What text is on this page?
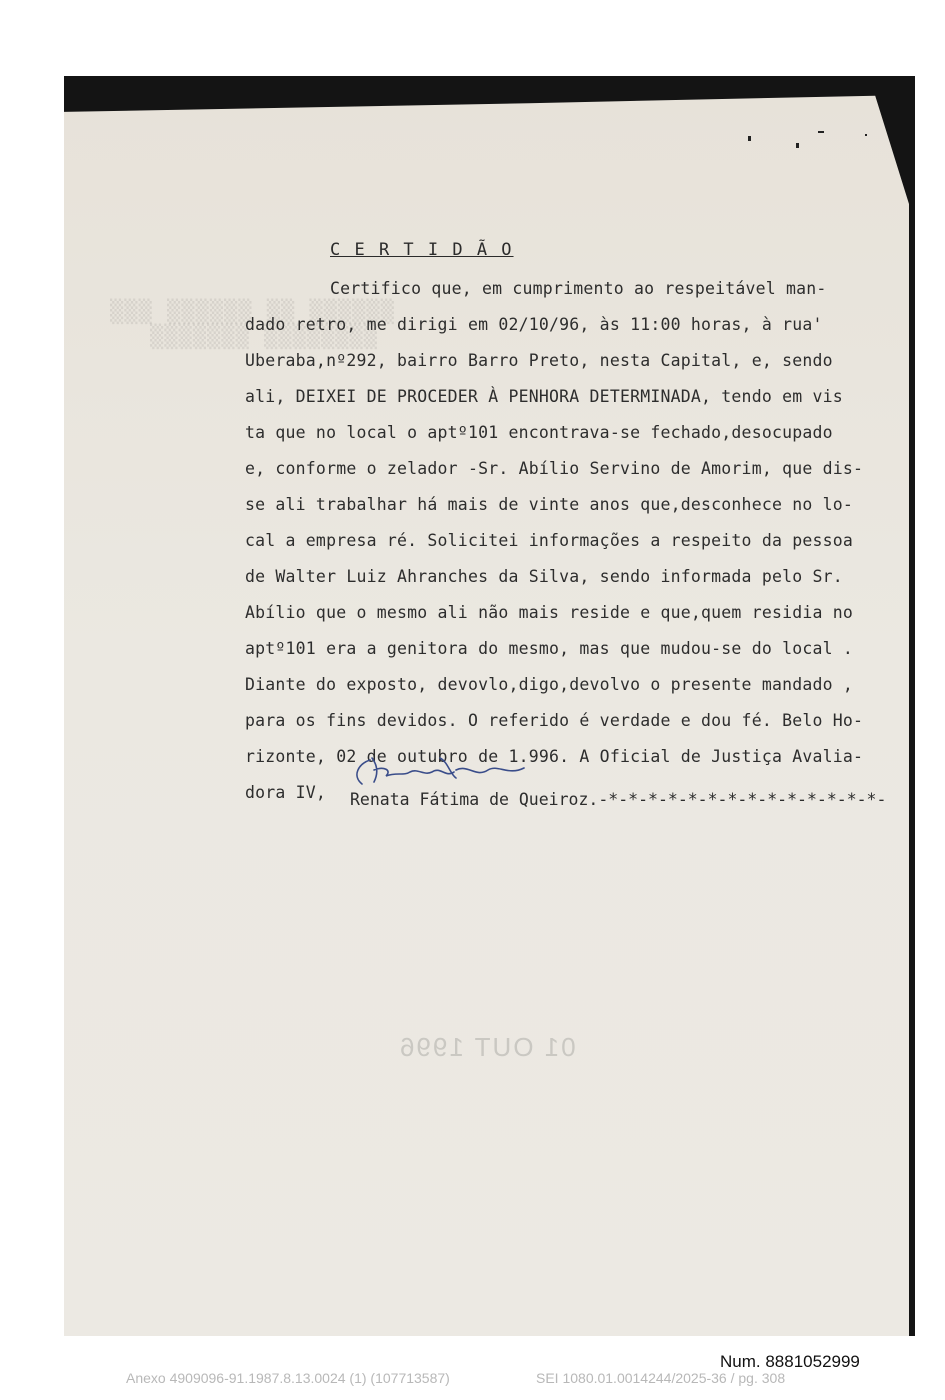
▒▒▒ ▒▒▒▒▒▒ ▒▒ ▒▒▒▒▒▒
▒▒▒▒▒▒▒ ▒▒▒▒▒▒▒▒
C E R T I D Ã O
Certifico que, em cumprimento ao respeitável man-
dado retro, me dirigi em 02/10/96, às 11:00 horas, à rua'
Uberaba,nº292, bairro Barro Preto, nesta Capital, e, sendo
ali, DEIXEI DE PROCEDER À PENHORA DETERMINADA, tendo em vis
ta que no local o aptº101 encontrava-se fechado,desocupado
e, conforme o zelador -Sr. Abílio Servino de Amorim, que dis-
se ali trabalhar há mais de vinte anos que,desconhece no lo-
cal a empresa ré. Solicitei informações a respeito da pessoa
de Walter Luiz Ahranches da Silva, sendo informada pelo Sr.
Abílio que o mesmo ali não mais reside e que,quem residia no
aptº101 era a genitora do mesmo, mas que mudou-se do local .
Diante do exposto, devovlo,digo,devolvo o presente mandado ,
para os fins devidos. O referido é verdade e dou fé. Belo Ho-
rizonte, 02 de outubro de 1.996. A Oficial de Justiça Avalia-
dora IV, Renata Fátima de Queiroz.-*-*-*-*-*-*-*-*-*-*-*-*-*-*-
01 OUT 1996
Num. 8881052999
Anexo 4909096-91.1987.8.13.0024 (1) (107713587)	SEI 1080.01.0014244/2025-36 / pg. 308
